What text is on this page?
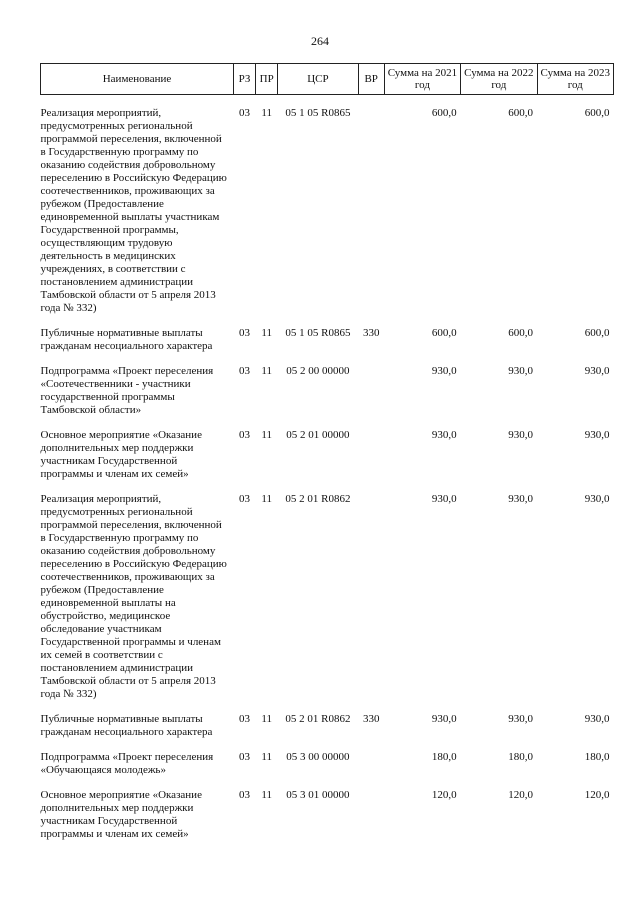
264
Наименование	РЗ	ПР	ЦСР	ВР	Сумма на 2021 год	Сумма на 2022 год	Сумма на 2023 год

Реализация мероприятий, предусмотренных региональной программой переселения, включенной в Государственную программу по оказанию содействия добровольному переселению в Российскую Федерацию соотечественников, проживающих за рубежом (Предоставление единовременной выплаты участникам Государственной программы, осуществляющим трудовую деятельность в медицинских учреждениях, в соответствии с постановлением администрации Тамбовской области от 5 апреля 2013 года № 332)	03	11	05 1 05 R0865		600,0	600,0	600,0

Публичные нормативные выплаты гражданам несоциального характера	03	11	05 1 05 R0865	330	600,0	600,0	600,0

Подпрограмма «Проект переселения «Соотечественники - участники государственной программы Тамбовской области»	03	11	05 2 00 00000		930,0	930,0	930,0

Основное мероприятие «Оказание дополнительных мер поддержки участникам Государственной программы и членам их семей»	03	11	05 2 01 00000		930,0	930,0	930,0

Реализация мероприятий, предусмотренных региональной программой переселения, включенной в Государственную программу по оказанию содействия добровольному переселению в Российскую Федерацию соотечественников, проживающих за рубежом (Предоставление единовременной выплаты на обустройство, медицинское обследование участникам Государственной программы и членам их семей в соответствии с постановлением администрации Тамбовской области от 5 апреля 2013 года № 332)	03	11	05 2 01 R0862		930,0	930,0	930,0

Публичные нормативные выплаты гражданам несоциального характера	03	11	05 2 01 R0862	330	930,0	930,0	930,0

Подпрограмма «Проект переселения «Обучающаяся молодежь»	03	11	05 3 00 00000		180,0	180,0	180,0

Основное мероприятие «Оказание дополнительных мер поддержки участникам Государственной программы и членам их семей»	03	11	05 3 01 00000		120,0	120,0	120,0
